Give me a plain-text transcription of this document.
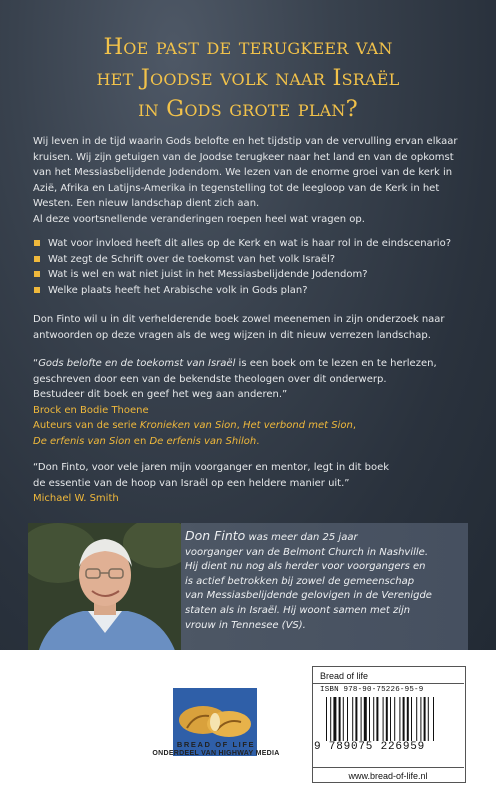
Hoe past de terugkeer van
het Joodse volk naar Israël
in Gods grote plan?
Wij leven in de tijd waarin Gods belofte en het tijdstip van de vervulling ervan elkaar
kruisen. Wij zijn getuigen van de Joodse terugkeer naar het land en van de opkomst
van het Messiasbelijdende Jodendom. We lezen van de enorme groei van de kerk in
Azië, Afrika en Latijns-Amerika in tegenstelling tot de leegloop van de Kerk in het
Westen. Een nieuw landschap dient zich aan.
Al deze voortsnellende veranderingen roepen heel wat vragen op.
Wat voor invloed heeft dit alles op de Kerk en wat is haar rol in de eindscenario?
Wat zegt de Schrift over de toekomst van het volk Israël?
Wat is wel en wat niet juist in het Messiasbelijdende Jodendom?
Welke plaats heeft het Arabische volk in Gods plan?
Don Finto wil u in dit verhelderende boek zowel meenemen in zijn onderzoek naar
antwoorden op deze vragen als de weg wijzen in dit nieuw verrezen landschap.
“Gods belofte en de toekomst van Israël is een boek om te lezen en te herlezen,
geschreven door een van de bekendste theologen over dit onderwerp.
Bestudeer dit boek en geef het weg aan anderen.”
Brock en Bodie Thoene
Auteurs van de serie Kronieken van Sion, Het verbond met Sion,
De erfenis van Sion en De erfenis van Shiloh.
“Don Finto, voor vele jaren mijn voorganger en mentor, legt in dit boek
de essentie van de hoop van Israël op een heldere manier uit.”
Michael W. Smith
Don Finto was meer dan 25 jaar
voorganger van de Belmont Church in Nashville.
Hij dient nu nog als herder voor voorgangers en
is actief betrokken bij zowel de gemeenschap
van Messiasbelijdende gelovigen in de Verenigde
staten als in Israël. Hij woont samen met zijn
vrouw in Tennesee (VS).
BREAD OF LIFE
ONDERDEEL VAN HIGHWAY MEDIA
Bread of life
ISBN 978-90-75226-95-9
9 789075 226959
www.bread-of-life.nl
